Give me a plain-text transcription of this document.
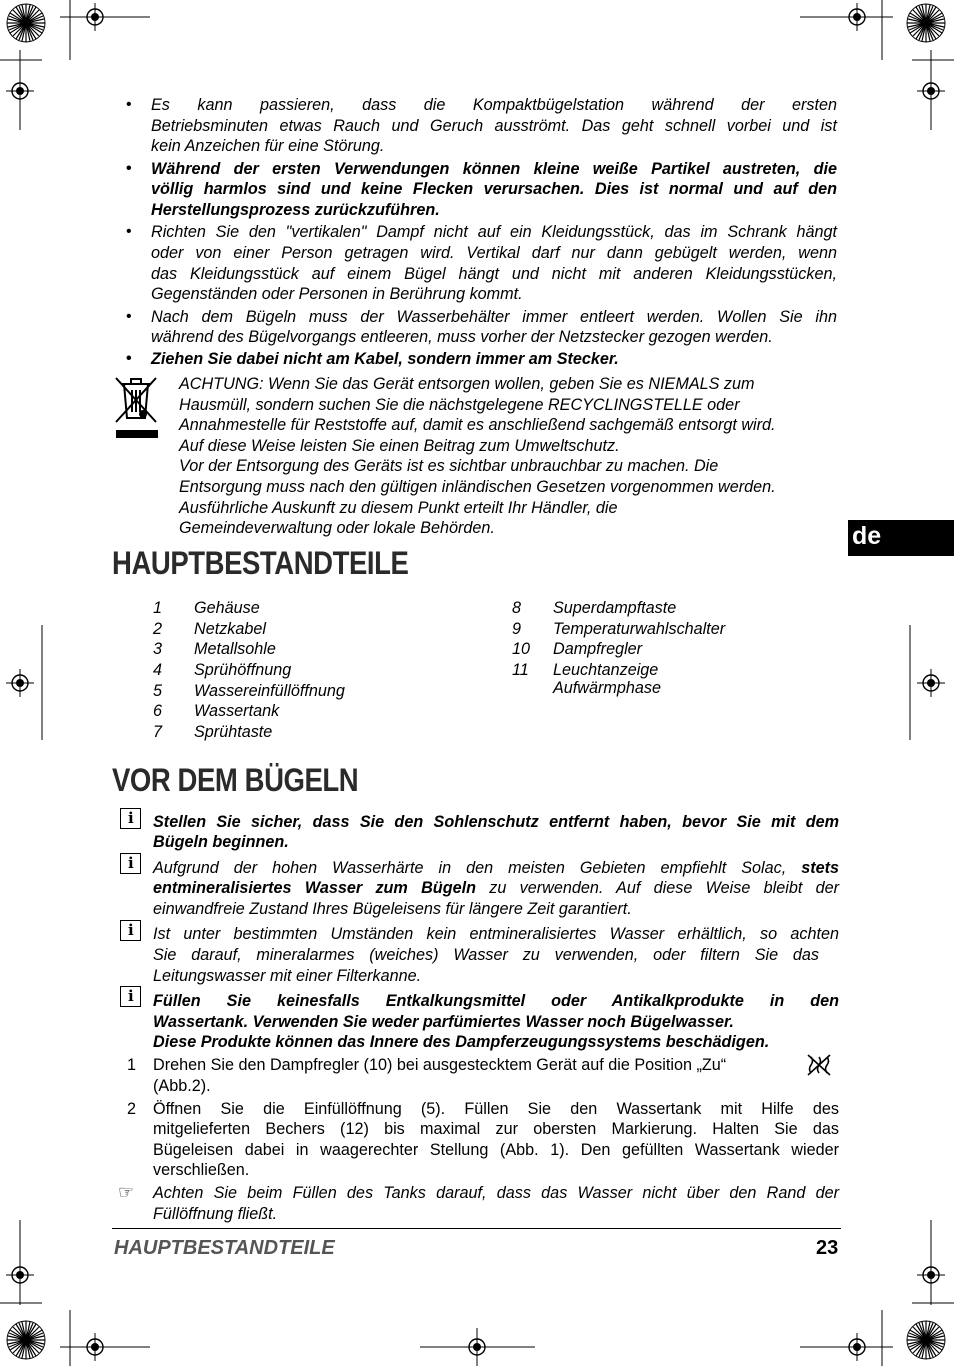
de
• Es kann passieren, dass die Kompaktbügelstation während der ersten
Betriebsminuten etwas Rauch und Geruch ausströmt. Das geht schnell vorbei und ist
kein Anzeichen für eine Störung.
• Während der ersten Verwendungen können kleine weiße Partikel austreten, die
völlig harmlos sind und keine Flecken verursachen. Dies ist normal und auf den
Herstellungsprozess zurückzuführen.
• Richten Sie den "vertikalen" Dampf nicht auf ein Kleidungsstück, das im Schrank hängt
oder von einer Person getragen wird. Vertikal darf nur dann gebügelt werden, wenn
das Kleidungsstück auf einem Bügel hängt und nicht mit anderen Kleidungsstücken,
Gegenständen oder Personen in Berührung kommt.
• Nach dem Bügeln muss der Wasserbehälter immer entleert werden. Wollen Sie ihn
während des Bügelvorgangs entleeren, muss vorher der Netzstecker gezogen werden.
• Ziehen Sie dabei nicht am Kabel, sondern immer am Stecker.
ACHTUNG: Wenn Sie das Gerät entsorgen wollen, geben Sie es NIEMALS zum
Hausmüll, sondern suchen Sie die nächstgelegene RECYCLINGSTELLE oder
Annahmestelle für Reststoffe auf, damit es anschließend sachgemäß entsorgt wird.
Auf diese Weise leisten Sie einen Beitrag zum Umweltschutz.
Vor der Entsorgung des Geräts ist es sichtbar unbrauchbar zu machen. Die
Entsorgung muss nach den gültigen inländischen Gesetzen vorgenommen werden.
Ausführliche Auskunft zu diesem Punkt erteilt Ihr Händler, die
Gemeindeverwaltung oder lokale Behörden.
HAUPTBESTANDTEILE
1 Gehäuse
2 Netzkabel
3 Metallsohle
4 Sprühöffnung
5 Wassereinfüllöffnung
6 Wassertank
7 Sprühtaste
8 Superdampftaste
9 Temperaturwahlschalter
10 Dampfregler
11 Leuchtanzeige
Aufwärmphase
VOR DEM BÜGELN
i Stellen Sie sicher, dass Sie den Sohlenschutz entfernt haben, bevor Sie mit dem
Bügeln beginnen.
i Aufgrund der hohen Wasserhärte in den meisten Gebieten empfiehlt Solac, stets
entmineralisiertes Wasser zum Bügeln zu verwenden. Auf diese Weise bleibt der
einwandfreie Zustand Ihres Bügeleisens für längere Zeit garantiert.
i Ist unter bestimmten Umständen kein entmineralisiertes Wasser erhältlich, so achten
Sie darauf, mineralarmes (weiches) Wasser zu verwenden, oder filtern Sie das
Leitungswasser mit einer Filterkanne.
i Füllen Sie keinesfalls Entkalkungsmittel oder Antikalkprodukte in den
Wassertank. Verwenden Sie weder parfümiertes Wasser noch Bügelwasser.
Diese Produkte können das Innere des Dampferzeugungssystems beschädigen.
1 Drehen Sie den Dampfregler (10) bei ausgestecktem Gerät auf die Position „Zu“
(Abb.2).
2 Öffnen Sie die Einfüllöffnung (5). Füllen Sie den Wassertank mit Hilfe des
mitgelieferten Bechers (12) bis maximal zur obersten Markierung. Halten Sie das
Bügeleisen dabei in waagerechter Stellung (Abb. 1). Den gefüllten Wassertank wieder
verschließen.
☞ Achten Sie beim Füllen des Tanks darauf, dass das Wasser nicht über den Rand der
Füllöffnung fließt.
HAUPTBESTANDTEILE	23
